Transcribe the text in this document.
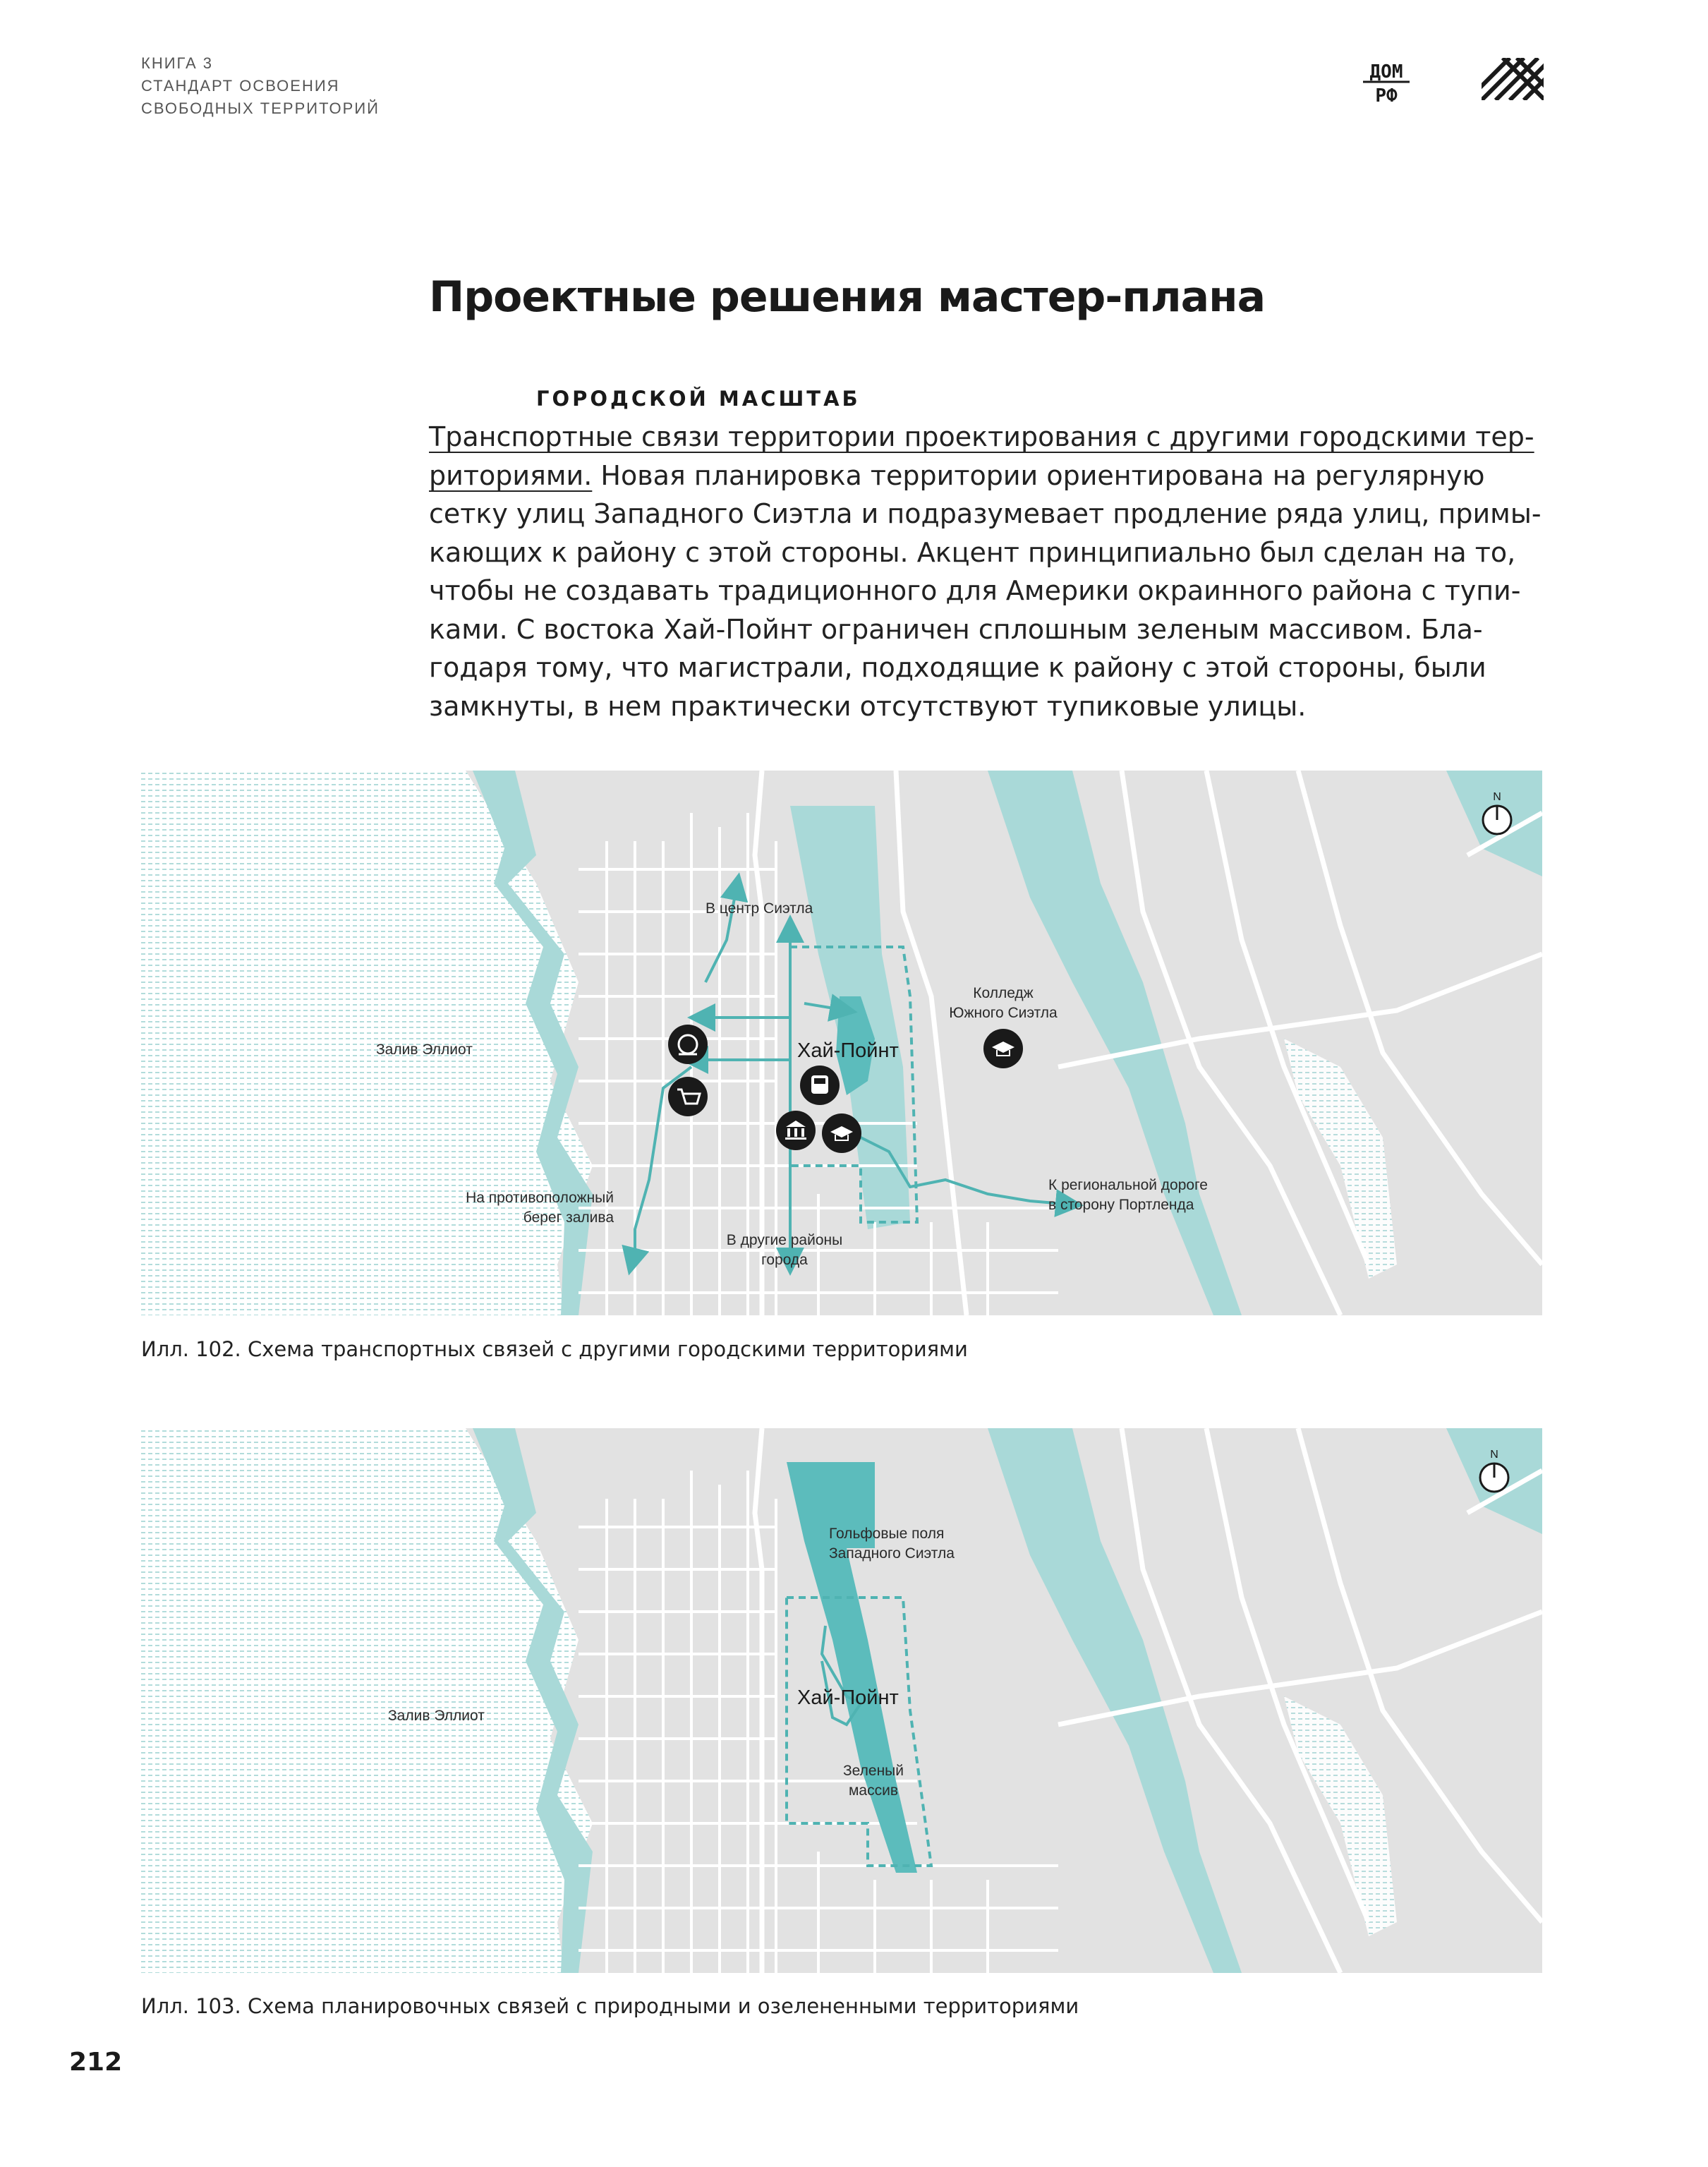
КНИГА 3
СТАНДАРТ ОСВОЕНИЯ
СВОБОДНЫХ ТЕРРИТОРИЙ
ДОМ
РФ
Проектные решения мастер-плана
ГОРОДСКОЙ МАСШТАБ
Транспортные связи территории проектирования с другими городскими тер-
риториями. Новая планировка территории ориентирована на регулярную
сетку улиц Западного Сиэтла и подразумевает продление ряда улиц, примы-
кающих к району с этой стороны. Акцент принципиально был сделан на то,
чтобы не создавать традиционного для Америки окраинного района с тупи-
ками. С востока Хай-Пойнт ограничен сплошным зеленым массивом. Бла-
годаря тому, что магистрали, подходящие к району с этой стороны, были
замкнуты, в нем практически отсутствуют тупиковые улицы.
N
Залив Эллиот
В центр Сиэтла
Колледж
Южного Сиэтла
Хай-Пойнт
На противоположный
берег залива
В другие районы
города
К региональной дороге
в сторону Портленда
Илл. 102. Схема транспортных связей с другими городскими территориями
N
Залив Эллиот
Гольфовые поля
Западного Сиэтла
Хай-Пойнт
Зеленый
массив
Илл. 103. Схема планировочных связей с природными и озелененными территориями
212
